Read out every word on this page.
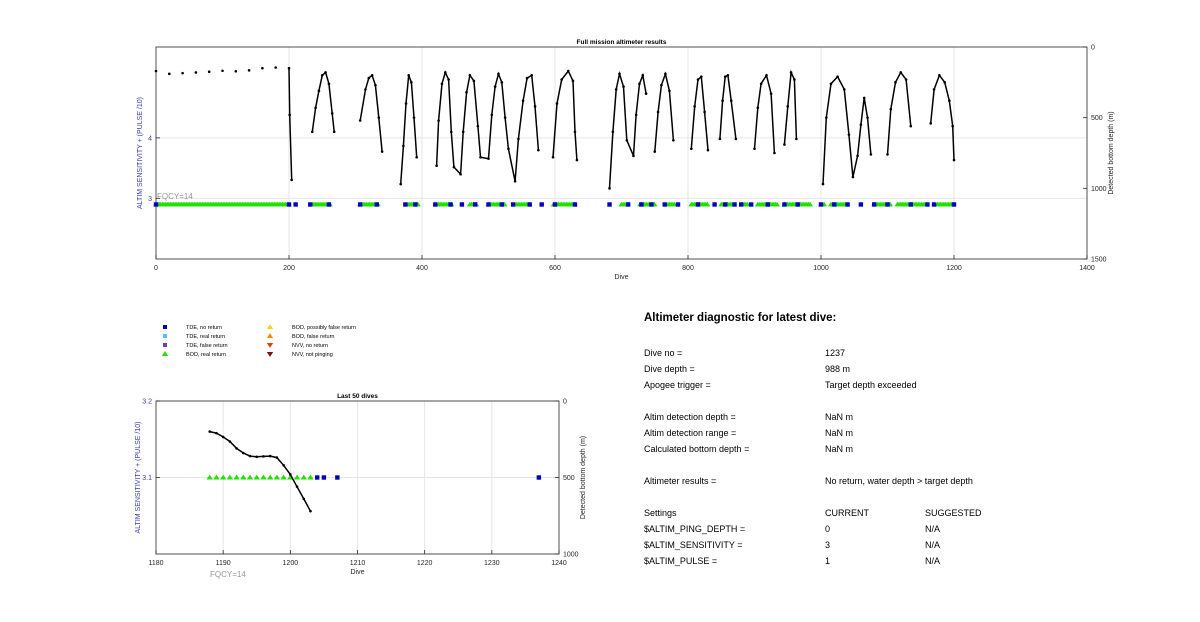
0	200	400	600	800	1000	1200	1400
3
4
0
500
1000
1500
Full mission altimeter results
Dive
ALTIM SENSITIVITY + (PULSE /10)	Detected bottom depth (m)
FQCY=14
TDE, no return
TDE, real return
TDE, false return
BOD, real return
BOD, possibly false return
BOD, false return
NVV, no return
NVV, not pinging
1180	1190	1200	1210	1220	1230	1240
3.1
3.2	0
500
1000
Last 50 dives
Dive
ALTIM SENSITIVITY + (PULSE /10)	Detected bottom depth (m)
FQCY=14
Altimeter diagnostic for latest dive:
Dive no =	1237
Dive depth =	988 m
Apogee trigger =	Target depth exceeded
Altim detection depth =	NaN m
Altim detection range =	NaN m
Calculated bottom depth =	NaN m
Altimeter results =	No return, water depth > target depth
Settings	CURRENT	SUGGESTED
$ALTIM_PING_DEPTH =	0	N/A
$ALTIM_SENSITIVITY =	3	N/A
$ALTIM_PULSE =	1	N/A
